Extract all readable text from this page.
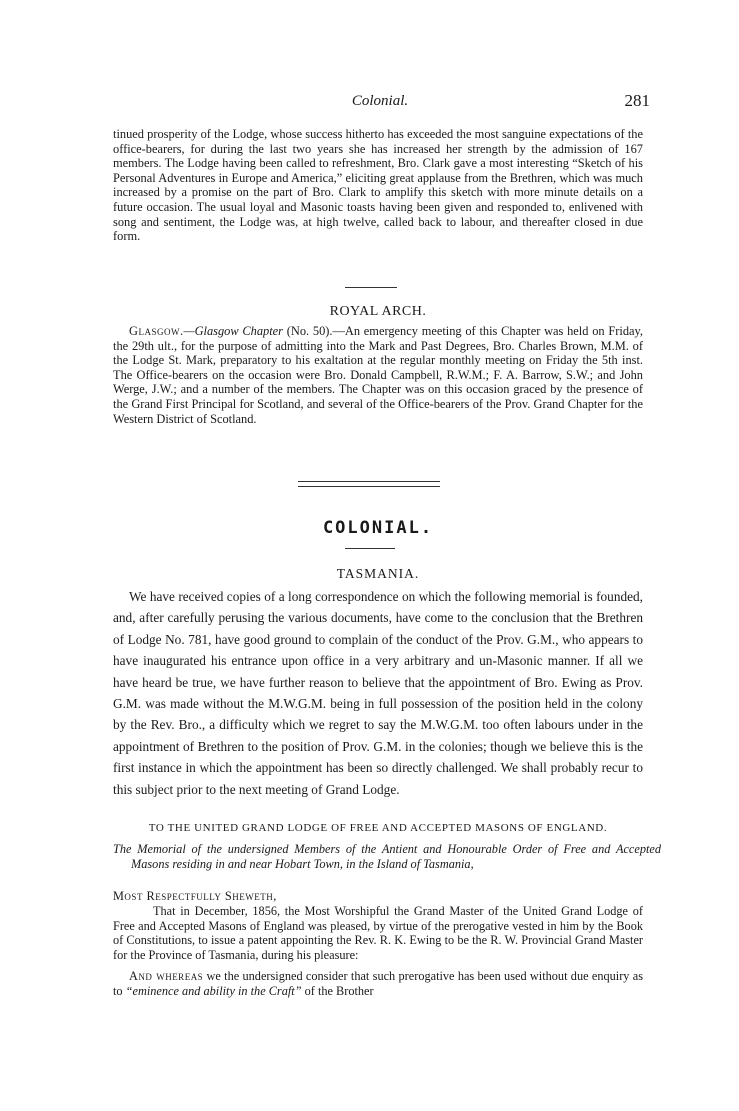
Colonial.	281

tinued prosperity of the Lodge, whose success hitherto has exceeded the most sanguine expectations of the office-bearers, for during the last two years she has increased her strength by the admission of 167 members. The Lodge having been called to refreshment, Bro. Clark gave a most interesting “Sketch of his Personal Adventures in Europe and America,” eliciting great applause from the Brethren, which was much increased by a promise on the part of Bro. Clark to amplify this sketch with more minute details on a future occasion. The usual loyal and Masonic toasts having been given and responded to, enlivened with song and sentiment, the Lodge was, at high twelve, called back to labour, and thereafter closed in due form.

ROYAL ARCH.

Glasgow.—Glasgow Chapter (No. 50).—An emergency meeting of this Chapter was held on Friday, the 29th ult., for the purpose of admitting into the Mark and Past Degrees, Bro. Charles Brown, M.M. of the Lodge St. Mark, preparatory to his exaltation at the regular monthly meeting on Friday the 5th inst. The Office-bearers on the occasion were Bro. Donald Campbell, R.W.M.; F. A. Barrow, S.W.; and John Werge, J.W.; and a number of the members. The Chapter was on this occasion graced by the presence of the Grand First Principal for Scotland, and several of the Office-bearers of the Prov. Grand Chapter for the Western District of Scotland.

COLONIAL.
TASMANIA.

We have received copies of a long correspondence on which the following memorial is founded, and, after carefully perusing the various documents, have come to the conclusion that the Brethren of Lodge No. 781, have good ground to complain of the conduct of the Prov. G.M., who appears to have inaugurated his entrance upon office in a very arbitrary and un-Masonic manner. If all we have heard be true, we have further reason to believe that the appointment of Bro. Ewing as Prov. G.M. was made without the M.W.G.M. being in full possession of the position held in the colony by the Rev. Bro., a difficulty which we regret to say the M.W.G.M. too often labours under in the appointment of Brethren to the position of Prov. G.M. in the colonies; though we believe this is the first instance in which the appointment has been so directly challenged. We shall probably recur to this subject prior to the next meeting of Grand Lodge.

TO THE UNITED GRAND LODGE OF FREE AND ACCEPTED MASONS OF ENGLAND.

The Memorial of the undersigned Members of the Antient and Honourable Order of Free and Accepted Masons residing in and near Hobart Town, in the Island of Tasmania,

Most Respectfully Sheweth,

That in December, 1856, the Most Worshipful the Grand Master of the United Grand Lodge of Free and Accepted Masons of England was pleased, by virtue of the prerogative vested in him by the Book of Constitutions, to issue a patent appointing the Rev. R. K. Ewing to be the R. W. Provincial Grand Master for the Province of Tasmania, during his pleasure:

And whereas we the undersigned consider that such prerogative has been used without due enquiry as to “eminence and ability in the Craft” of the Brother
